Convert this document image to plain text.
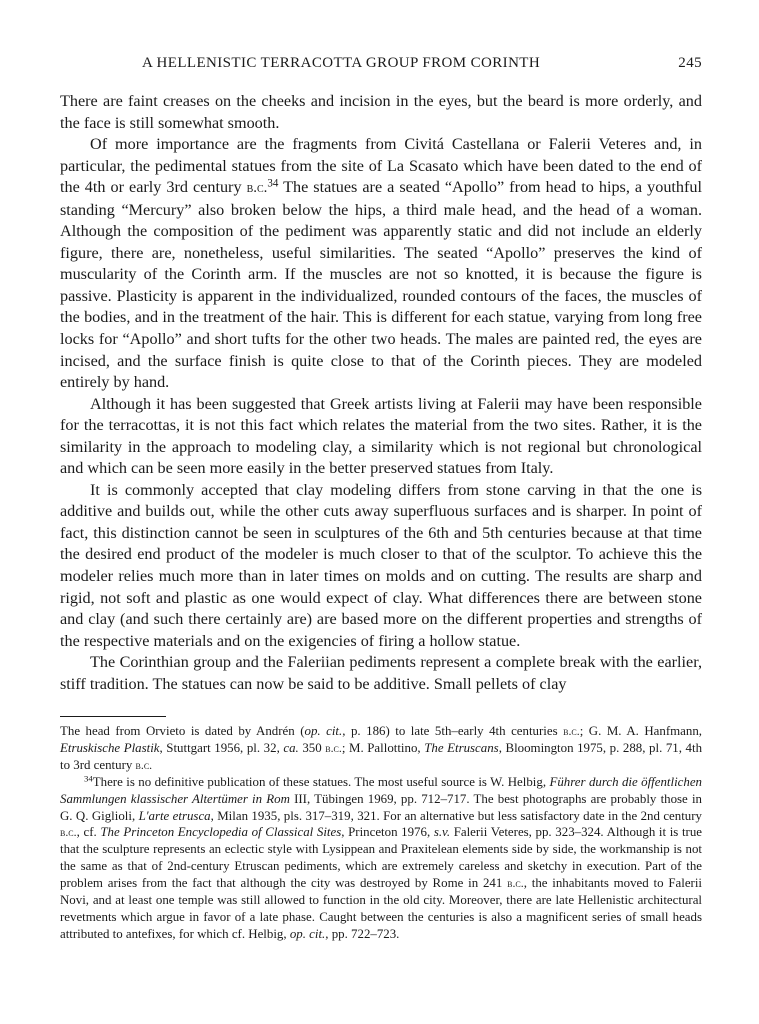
A HELLENISTIC TERRACOTTA GROUP FROM CORINTH	245

There are faint creases on the cheeks and incision in the eyes, but the beard is more orderly, and the face is still somewhat smooth.

Of more importance are the fragments from Civitá Castellana or Falerii Veteres and, in particular, the pedimental statues from the site of La Scasato which have been dated to the end of the 4th or early 3rd century b.c.$^{34}$ The statues are a seated “Apollo” from head to hips, a youthful standing “Mercury” also broken below the hips, a third male head, and the head of a woman. Although the composition of the pediment was apparently static and did not include an elderly figure, there are, nonetheless, useful similarities. The seated “Apollo” preserves the kind of muscularity of the Corinth arm. If the muscles are not so knotted, it is because the figure is passive. Plasticity is apparent in the individualized, rounded contours of the faces, the muscles of the bodies, and in the treatment of the hair. This is different for each statue, varying from long free locks for “Apollo” and short tufts for the other two heads. The males are painted red, the eyes are incised, and the surface finish is quite close to that of the Corinth pieces. They are modeled entirely by hand.

Although it has been suggested that Greek artists living at Falerii may have been responsible for the terracottas, it is not this fact which relates the material from the two sites. Rather, it is the similarity in the approach to modeling clay, a similarity which is not regional but chronological and which can be seen more easily in the better preserved statues from Italy.

It is commonly accepted that clay modeling differs from stone carving in that the one is additive and builds out, while the other cuts away superfluous surfaces and is sharper. In point of fact, this distinction cannot be seen in sculptures of the 6th and 5th centuries because at that time the desired end product of the modeler is much closer to that of the sculptor. To achieve this the modeler relies much more than in later times on molds and on cutting. The results are sharp and rigid, not soft and plastic as one would expect of clay. What differences there are between stone and clay (and such there certainly are) are based more on the different properties and strengths of the respective materials and on the exigencies of firing a hollow statue.

The Corinthian group and the Faleriian pediments represent a complete break with the earlier, stiff tradition. The statues can now be said to be additive. Small pellets of clay

The head from Orvieto is dated by Andrén (op. cit., p. 186) to late 5th–early 4th centuries b.c.; G. M. A. Hanfmann, Etruskische Plastik, Stuttgart 1956, pl. 32, ca. 350 b.c.; M. Pallottino, The Etruscans, Bloomington 1975, p. 288, pl. 71, 4th to 3rd century b.c.

$^{34}$There is no definitive publication of these statues. The most useful source is W. Helbig, Führer durch die öffentlichen Sammlungen klassischer Altertümer in Rom III, Tübingen 1969, pp. 712–717. The best photographs are probably those in G. Q. Giglioli, L'arte etrusca, Milan 1935, pls. 317–319, 321. For an alternative but less satisfactory date in the 2nd century b.c., cf. The Princeton Encyclopedia of Classical Sites, Princeton 1976, s.v. Falerii Veteres, pp. 323–324. Although it is true that the sculpture represents an eclectic style with Lysippean and Praxitelean elements side by side, the workmanship is not the same as that of 2nd-century Etruscan pediments, which are extremely careless and sketchy in execution. Part of the problem arises from the fact that although the city was destroyed by Rome in 241 b.c., the inhabitants moved to Falerii Novi, and at least one temple was still allowed to function in the old city. Moreover, there are late Hellenistic architectural revetments which argue in favor of a late phase. Caught between the centuries is also a magnificent series of small heads attributed to antefixes, for which cf. Helbig, op. cit., pp. 722–723.
